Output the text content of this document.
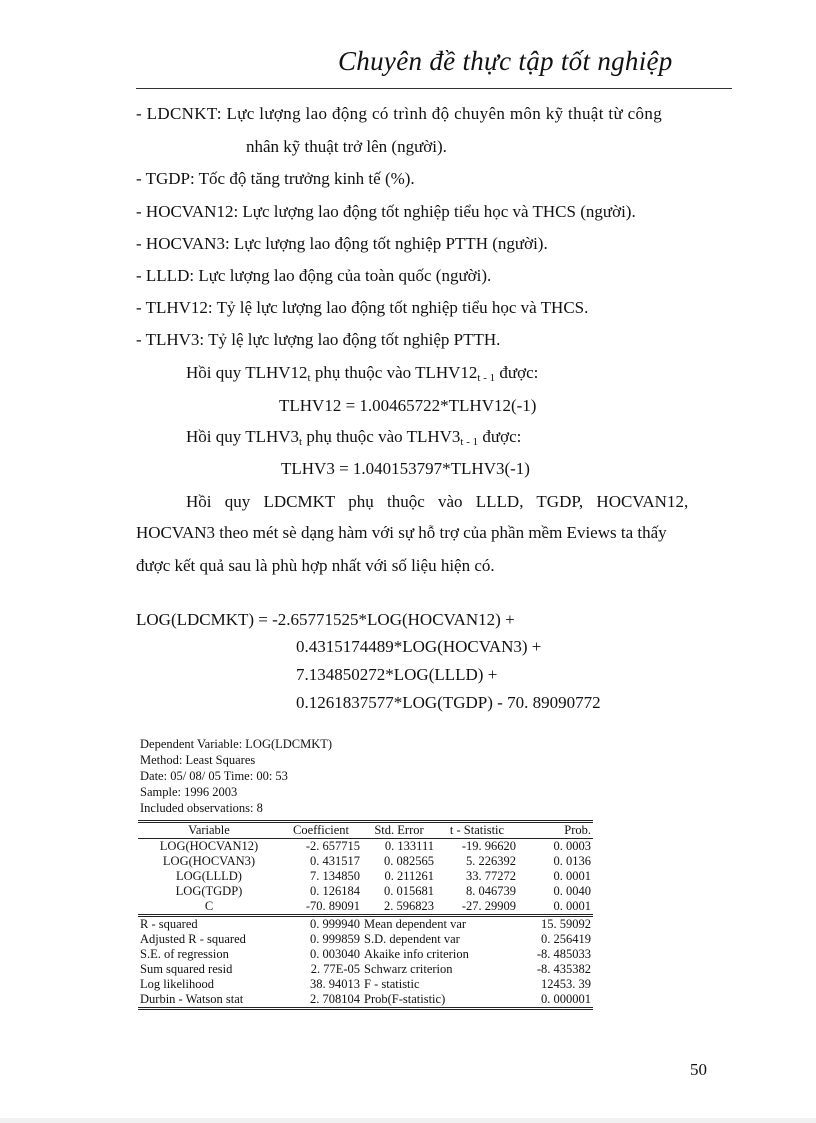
Chuyên đề thực tập tốt nghiệp
- LDCNKT: Lực lượng lao động có trình độ chuyên môn kỹ thuật từ công
nhân kỹ thuật trở lên (người).
- TGDP: Tốc độ tăng trưởng kinh tế (%).
- HOCVAN12: Lực lượng lao động tốt nghiệp tiểu học và THCS (người).
- HOCVAN3: Lực lượng lao động tốt nghiệp PTTH (người).
- LLLD: Lực lượng lao động của toàn quốc (người).
- TLHV12: Tỷ lệ lực lượng lao động tốt nghiệp tiểu học và THCS.
- TLHV3: Tỷ lệ lực lượng lao động tốt nghiệp PTTH.
Hồi quy $TLHV12_t$ phụ thuộc vào $TLHV12_{t - 1}$ được:
TLHV12 = 1.00465722*TLHV12(-1)
Hồi quy $TLHV3_t$ phụ thuộc vào $TLHV3_{t - 1}$ được:
TLHV3 = 1.040153797*TLHV3(-1)
Hồi quy LDCMKT phụ thuộc vào LLLD, TGDP, HOCVAN12,
HOCVAN3 theo mét sè dạng hàm với sự hỗ trợ của phần mềm Eviews ta thấy
được kết quả sau là phù hợp nhất với số liệu hiện có.
LOG(LDCMKT) = -2.65771525*LOG(HOCVAN12) +
0.4315174489*LOG(HOCVAN3) +
7.134850272*LOG(LLLD) +
0.1261837577*LOG(TGDP) - 70. 89090772
Dependent Variable: LOG(LDCMKT)
Method: Least Squares
Date: 05/ 08/ 05 Time: 00: 53
Sample: 1996 2003
Included observations: 8
Variable	Coefficient	Std. Error	t - Statistic	Prob.
LOG(HOCVAN12)	-2. 657715	0. 133111	-19. 96620	0. 0003
LOG(HOCVAN3)	0. 431517	0. 082565	5. 226392	0. 0136
LOG(LLLD)	7. 134850	0. 211261	33. 77272	0. 0001
LOG(TGDP)	0. 126184	0. 015681	8. 046739	0. 0040
C	-70. 89091	2. 596823	-27. 29909	0. 0001
R - squared	0. 999940	Mean dependent var		15. 59092
Adjusted R - squared	0. 999859	S.D. dependent var		0. 256419
S.E. of regression	0. 003040	Akaike info criterion		-8. 485033
Sum squared resid	2. 77E-05	Schwarz criterion		-8. 435382
Log likelihood	38. 94013	F - statistic		12453. 39
Durbin - Watson stat	2. 708104	Prob(F-statistic)		0. 000001
50
